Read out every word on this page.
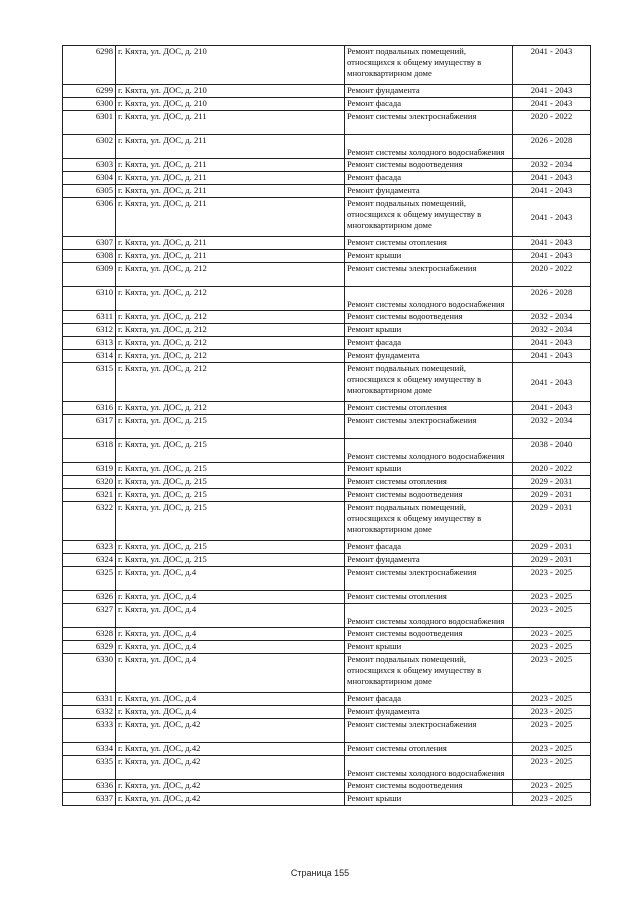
6298	г. Кяхта, ул. ДОС, д. 210	Ремонт подвальных помещений, относящихся к общему имуществу в многоквартирном доме	2041 - 2043

6299	г. Кяхта, ул. ДОС, д. 210	Ремонт фундамента	2041 - 2043

6300	г. Кяхта, ул. ДОС, д. 210	Ремонт фасада	2041 - 2043

6301	г. Кяхта, ул. ДОС, д. 211	Ремонт системы электроснабжения	2020 - 2022

6302	г. Кяхта, ул. ДОС, д. 211	Ремонт системы холодного водоснабжения	2026 - 2028

6303	г. Кяхта, ул. ДОС, д. 211	Ремонт системы водоотведения	2032 - 2034

6304	г. Кяхта, ул. ДОС, д. 211	Ремонт фасада	2041 - 2043

6305	г. Кяхта, ул. ДОС, д. 211	Ремонт фундамента	2041 - 2043

6306	г. Кяхта, ул. ДОС, д. 211	Ремонт подвальных помещений, относящихся к общему имуществу в многоквартирном доме	2041 - 2043

6307	г. Кяхта, ул. ДОС, д. 211	Ремонт системы отопления	2041 - 2043

6308	г. Кяхта, ул. ДОС, д. 211	Ремонт крыши	2041 - 2043

6309	г. Кяхта, ул. ДОС, д. 212	Ремонт системы электроснабжения	2020 - 2022

6310	г. Кяхта, ул. ДОС, д. 212	Ремонт системы холодного водоснабжения	2026 - 2028

6311	г. Кяхта, ул. ДОС, д. 212	Ремонт системы водоотведения	2032 - 2034

6312	г. Кяхта, ул. ДОС, д. 212	Ремонт крыши	2032 - 2034

6313	г. Кяхта, ул. ДОС, д. 212	Ремонт фасада	2041 - 2043

6314	г. Кяхта, ул. ДОС, д. 212	Ремонт фундамента	2041 - 2043

6315	г. Кяхта, ул. ДОС, д. 212	Ремонт подвальных помещений, относящихся к общему имуществу в многоквартирном доме	2041 - 2043

6316	г. Кяхта, ул. ДОС, д. 212	Ремонт системы отопления	2041 - 2043

6317	г. Кяхта, ул. ДОС, д. 215	Ремонт системы электроснабжения	2032 - 2034

6318	г. Кяхта, ул. ДОС, д. 215	Ремонт системы холодного водоснабжения	2038 - 2040

6319	г. Кяхта, ул. ДОС, д. 215	Ремонт крыши	2020 - 2022

6320	г. Кяхта, ул. ДОС, д. 215	Ремонт системы отопления	2029 - 2031

6321	г. Кяхта, ул. ДОС, д. 215	Ремонт системы водоотведения	2029 - 2031

6322	г. Кяхта, ул. ДОС, д. 215	Ремонт подвальных помещений, относящихся к общему имуществу в многоквартирном доме	2029 - 2031

6323	г. Кяхта, ул. ДОС, д. 215	Ремонт фасада	2029 - 2031

6324	г. Кяхта, ул. ДОС, д. 215	Ремонт фундамента	2029 - 2031

6325	г. Кяхта, ул. ДОС, д.4	Ремонт системы электроснабжения	2023 - 2025

6326	г. Кяхта, ул. ДОС, д.4	Ремонт системы отопления	2023 - 2025

6327	г. Кяхта, ул. ДОС, д.4	Ремонт системы холодного водоснабжения	2023 - 2025

6328	г. Кяхта, ул. ДОС, д.4	Ремонт системы водоотведения	2023 - 2025

6329	г. Кяхта, ул. ДОС, д.4	Ремонт крыши	2023 - 2025

6330	г. Кяхта, ул. ДОС, д.4	Ремонт подвальных помещений, относящихся к общему имуществу в многоквартирном доме	2023 - 2025

6331	г. Кяхта, ул. ДОС, д.4	Ремонт фасада	2023 - 2025

6332	г. Кяхта, ул. ДОС, д.4	Ремонт фундамента	2023 - 2025

6333	г. Кяхта, ул. ДОС, д.42	Ремонт системы электроснабжения	2023 - 2025

6334	г. Кяхта, ул. ДОС, д.42	Ремонт системы отопления	2023 - 2025

6335	г. Кяхта, ул. ДОС, д.42	Ремонт системы холодного водоснабжения	2023 - 2025

6336	г. Кяхта, ул. ДОС, д.42	Ремонт системы водоотведения	2023 - 2025

6337	г. Кяхта, ул. ДОС, д.42	Ремонт крыши	2023 - 2025
Страница 155
